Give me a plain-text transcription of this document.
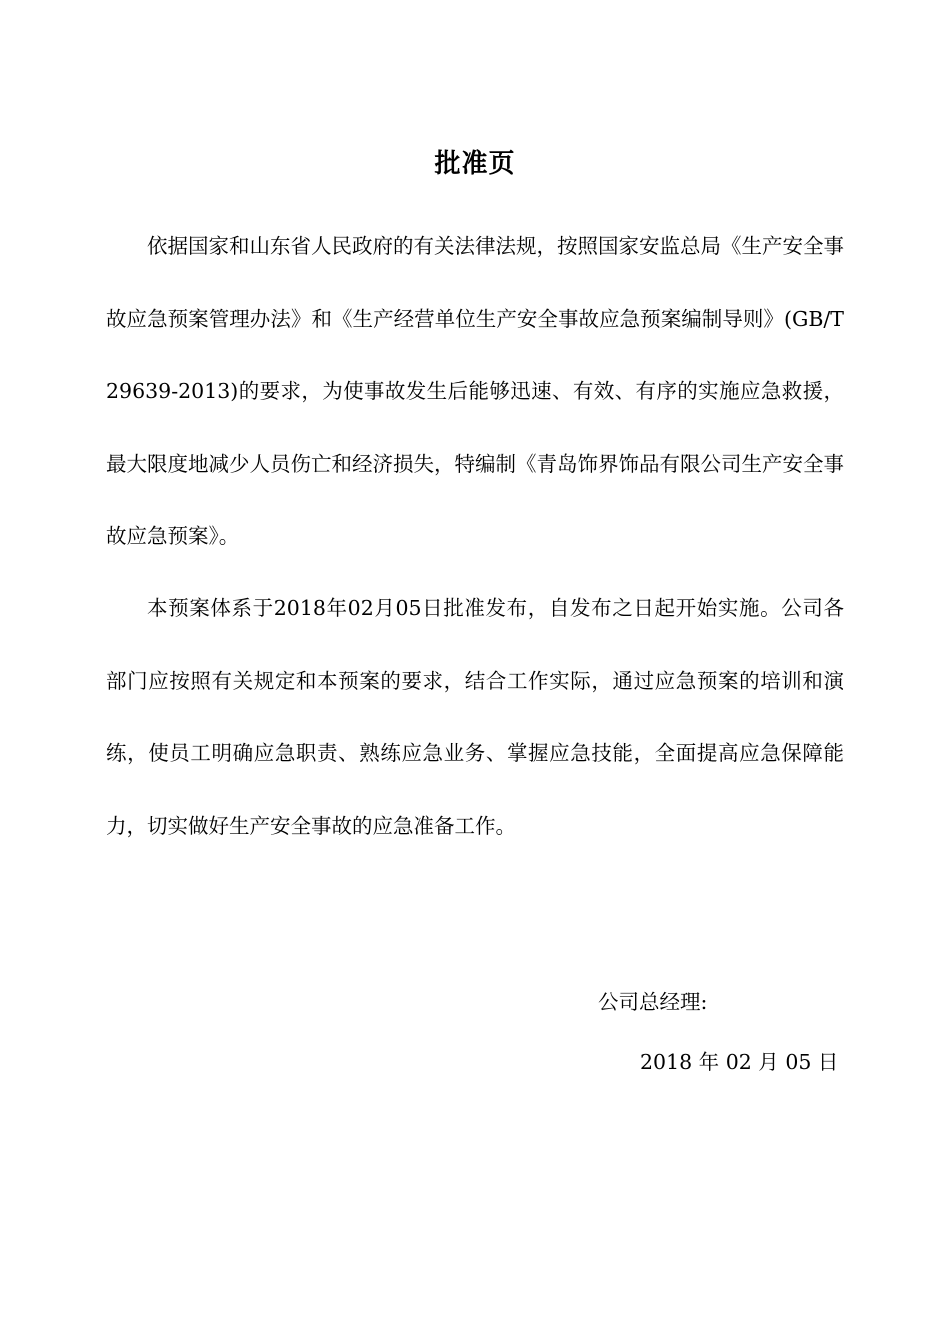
批准页

依据国家和山东省人民政府的有关法律法规，按照国家安监总局《生产安全事故应急预案管理办法》和《生产经营单位生产安全事故应急预案编制导则》(GB/T 29639-2013)的要求，为使事故发生后能够迅速、有效、有序的实施应急救援，最大限度地减少人员伤亡和经济损失，特编制《青岛饰界饰品有限公司生产安全事故应急预案》。

本预案体系于2018年02月05日批准发布，自发布之日起开始实施。公司各部门应按照有关规定和本预案的要求，结合工作实际，通过应急预案的培训和演练，使员工明确应急职责、熟练应急业务、掌握应急技能，全面提高应急保障能力，切实做好生产安全事故的应急准备工作。

公司总经理:
2018 年 02 月 05 日
